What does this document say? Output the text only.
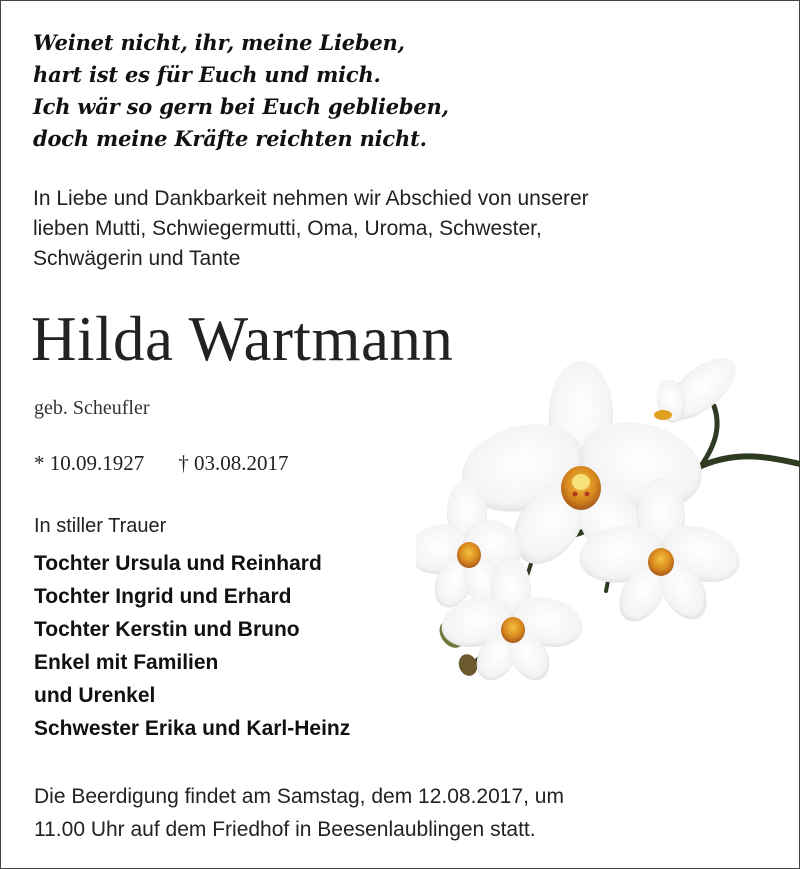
Weinet nicht, ihr, meine Lieben,
hart ist es für Euch und mich.
Ich wär so gern bei Euch geblieben,
doch meine Kräfte reichten nicht.
In Liebe und Dankbarkeit nehmen wir Abschied von unserer
lieben Mutti, Schwiegermutti, Oma, Uroma, Schwester,
Schwägerin und Tante
Hilda Wartmann
geb. Scheufler
* 10.09.1927 † 03.08.2017
In stiller Trauer
Tochter Ursula und Reinhard
Tochter Ingrid und Erhard
Tochter Kerstin und Bruno
Enkel mit Familien
und Urenkel
Schwester Erika und Karl-Heinz
Die Beerdigung findet am Samstag, dem 12.08.2017, um
11.00 Uhr auf dem Friedhof in Beesenlaublingen statt.
